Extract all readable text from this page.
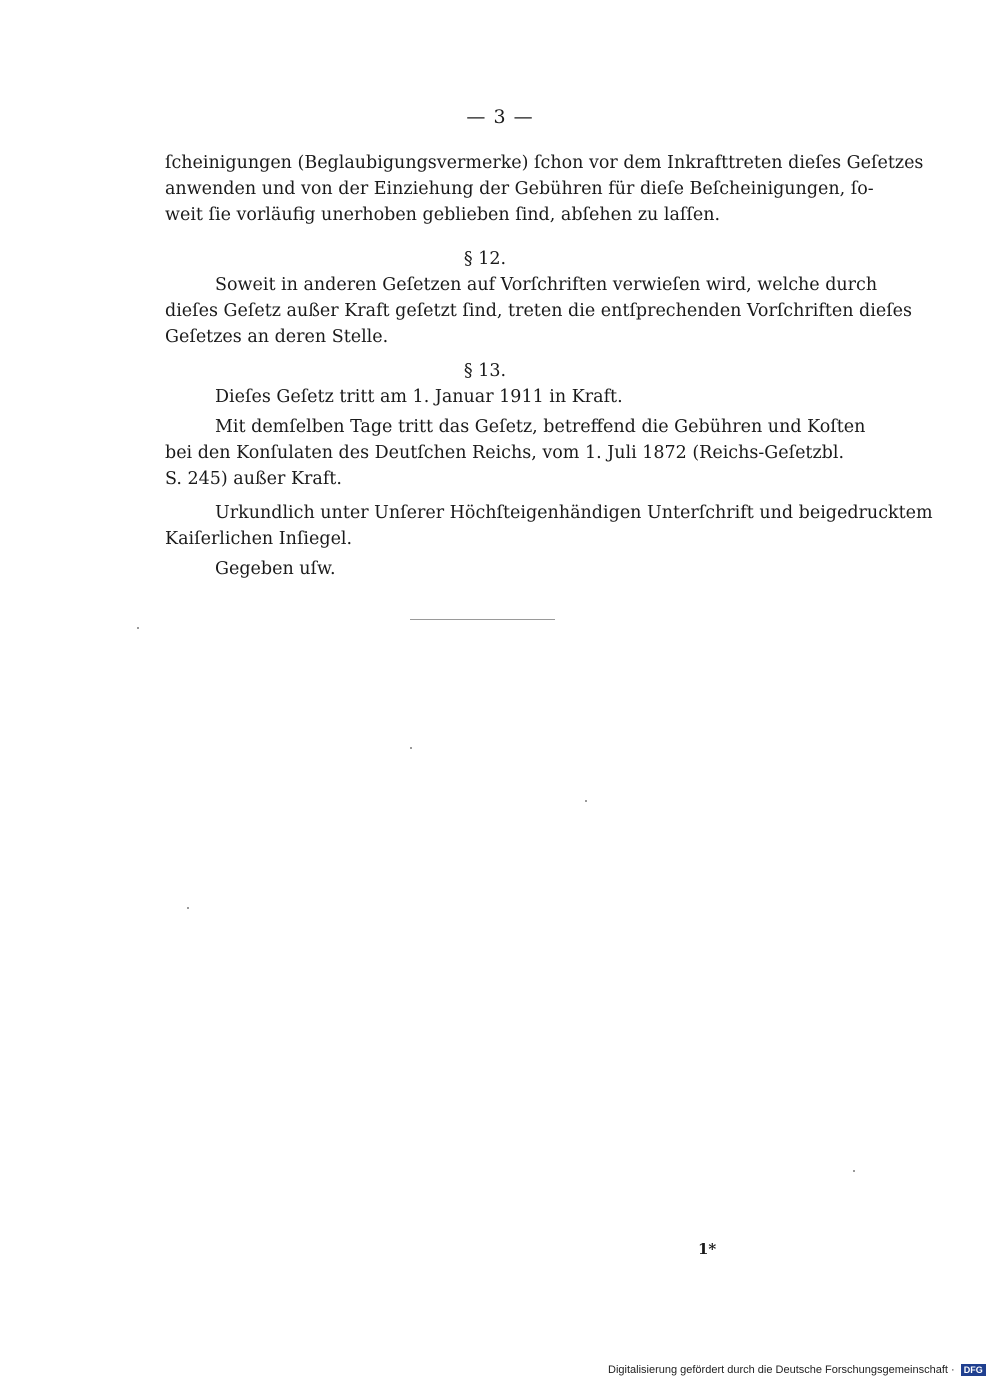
— 3 —
ſcheinigungen (Beglaubigungsvermerke) ſchon vor dem Inkrafttreten dieſes Geſetzes
anwenden und von der Einziehung der Gebühren für dieſe Beſcheinigungen, ſo-
weit ſie vorläufig unerhoben geblieben ſind, abſehen zu laſſen.
§ 12.
Soweit in anderen Geſetzen auf Vorſchriften verwieſen wird, welche durch
dieſes Geſetz außer Kraft geſetzt ſind, treten die entſprechenden Vorſchriften dieſes
Geſetzes an deren Stelle.
§ 13.
Dieſes Geſetz tritt am 1. Januar 1911 in Kraft.
Mit demſelben Tage tritt das Geſetz, betreffend die Gebühren und Koſten
bei den Konſulaten des Deutſchen Reichs, vom 1. Juli 1872 (Reichs-Geſetzbl.
S. 245) außer Kraft.
Urkundlich unter Unſerer Höchſteigenhändigen Unterſchrift und beigedrucktem
Kaiſerlichen Inſiegel.
Gegeben uſw.
1*
Digitalisierung gefördert durch die Deutsche Forschungsgemeinschaft · DFG
